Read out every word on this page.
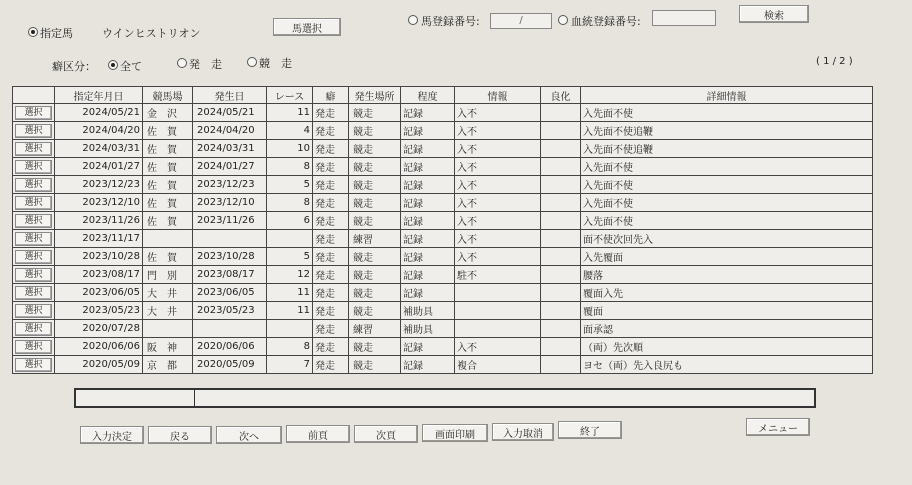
指定馬	ウインヒストリオン	馬選択
馬登録番号:	/	血統登録番号:	検索
癖区分： 全て	発　走	競　走	( 1 / 2 )
	指定年月日	競馬場	発生日	レース	癖	発生場所	程度	情報	良化	詳細情報

選択	2024/05/21	金　沢	2024/05/21	11	発走	競走	記録	入不		入先面不使

選択	2024/04/20	佐　賀	2024/04/20	4	発走	競走	記録	入不		入先面不使追鞭

選択	2024/03/31	佐　賀	2024/03/31	10	発走	競走	記録	入不		入先面不使追鞭

選択	2024/01/27	佐　賀	2024/01/27	8	発走	競走	記録	入不		入先面不使

選択	2023/12/23	佐　賀	2023/12/23	5	発走	競走	記録	入不		入先面不使

選択	2023/12/10	佐　賀	2023/12/10	8	発走	競走	記録	入不		入先面不使

選択	2023/11/26	佐　賀	2023/11/26	6	発走	競走	記録	入不		入先面不使

選択	2023/11/17				発走	練習	記録	入不		面不使次回先入

選択	2023/10/28	佐　賀	2023/10/28	5	発走	競走	記録	入不		入先覆面

選択	2023/08/17	門　別	2023/08/17	12	発走	競走	記録	駐不		腰落

選択	2023/06/05	大　井	2023/06/05	11	発走	競走	記録			覆面入先

選択	2023/05/23	大　井	2023/05/23	11	発走	競走	補助具			覆面

選択	2020/07/28				発走	練習	補助具			面承認

選択	2020/06/06	阪　神	2020/06/06	8	発走	競走	記録	入不		（両）先次順

選択	2020/05/09	京　都	2020/05/09	7	発走	競走	記録	複合		ヨセ（両）先入良尻も
入力決定	戻る	次へ	前頁	次頁	画面印刷	入力取消	終了	メニュー
